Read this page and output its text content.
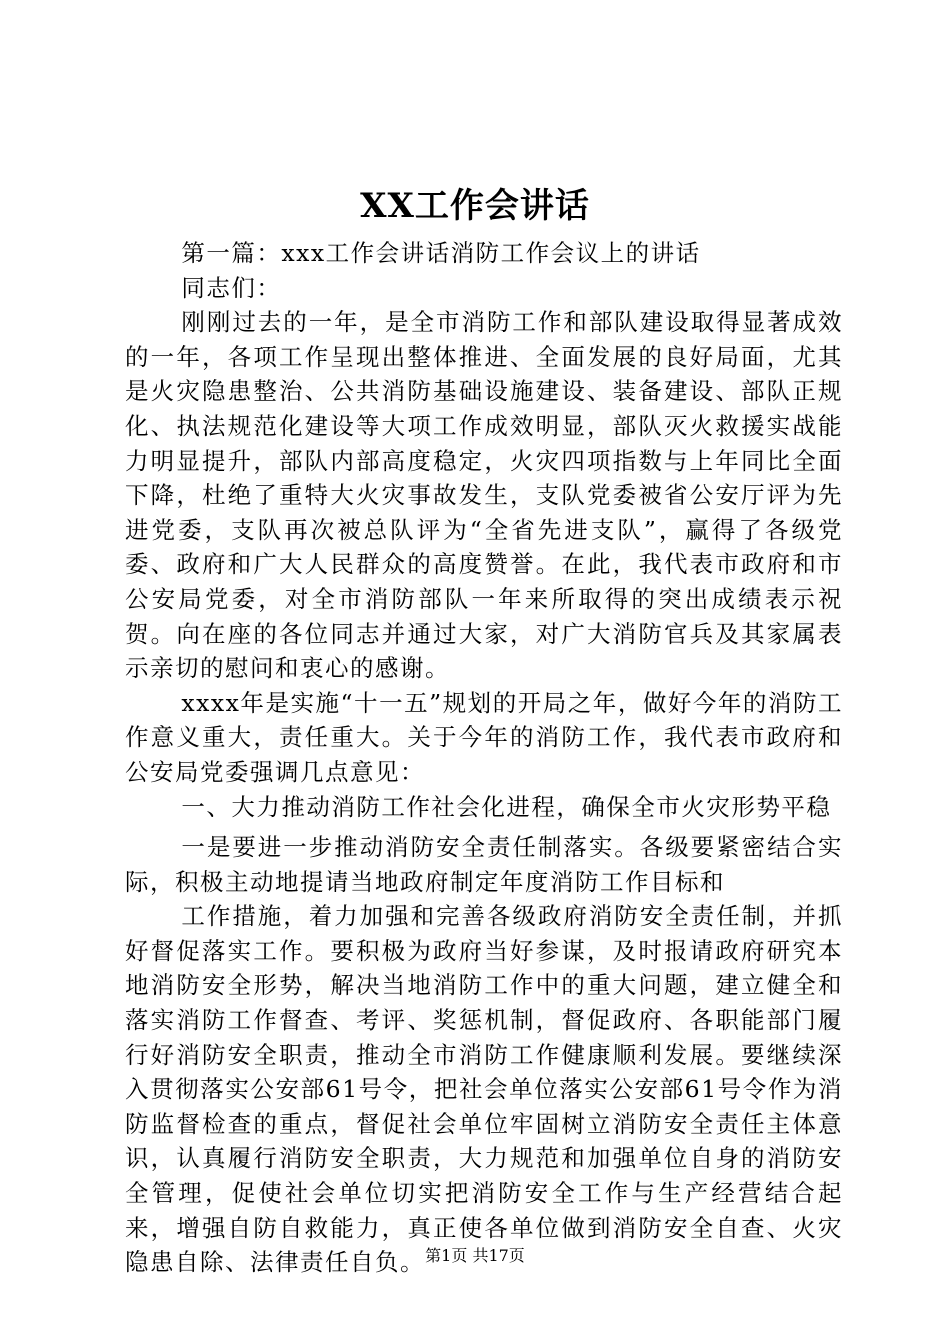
XX工作会讲话

第一篇：xxx工作会讲话消防工作会议上的讲话

同志们：

刚刚过去的一年，是全市消防工作和部队建设取得显著成效的一年，各项工作呈现出整体推进、全面发展的良好局面，尤其是火灾隐患整治、公共消防基础设施建设、装备建设、部队正规化、执法规范化建设等大项工作成效明显，部队灭火救援实战能力明显提升，部队内部高度稳定，火灾四项指数与上年同比全面下降，杜绝了重特大火灾事故发生，支队党委被省公安厅评为先进党委，支队再次被总队评为“全省先进支队”，赢得了各级党委、政府和广大人民群众的高度赞誉。在此，我代表市政府和市公安局党委，对全市消防部队一年来所取得的突出成绩表示祝贺。向在座的各位同志并通过大家，对广大消防官兵及其家属表示亲切的慰问和衷心的感谢。

xxxx年是实施“十一五”规划的开局之年，做好今年的消防工作意义重大，责任重大。关于今年的消防工作，我代表市政府和公安局党委强调几点意见：

一、大力推动消防工作社会化进程，确保全市火灾形势平稳

一是要进一步推动消防安全责任制落实。各级要紧密结合实际，积极主动地提请当地政府制定年度消防工作目标和

工作措施，着力加强和完善各级政府消防安全责任制，并抓好督促落实工作。要积极为政府当好参谋，及时报请政府研究本地消防安全形势，解决当地消防工作中的重大问题，建立健全和落实消防工作督查、考评、奖惩机制，督促政府、各职能部门履行好消防安全职责，推动全市消防工作健康顺利发展。要继续深入贯彻落实公安部61号令，把社会单位落实公安部61号令作为消防监督检查的重点，督促社会单位牢固树立消防安全责任主体意识，认真履行消防安全职责，大力规范和加强单位自身的消防安全管理，促使社会单位切实把消防安全工作与生产经营结合起来，增强自防自救能力，真正使各单位做到消防安全自查、火灾隐患自除、法律责任自负。 第1页 共17页
